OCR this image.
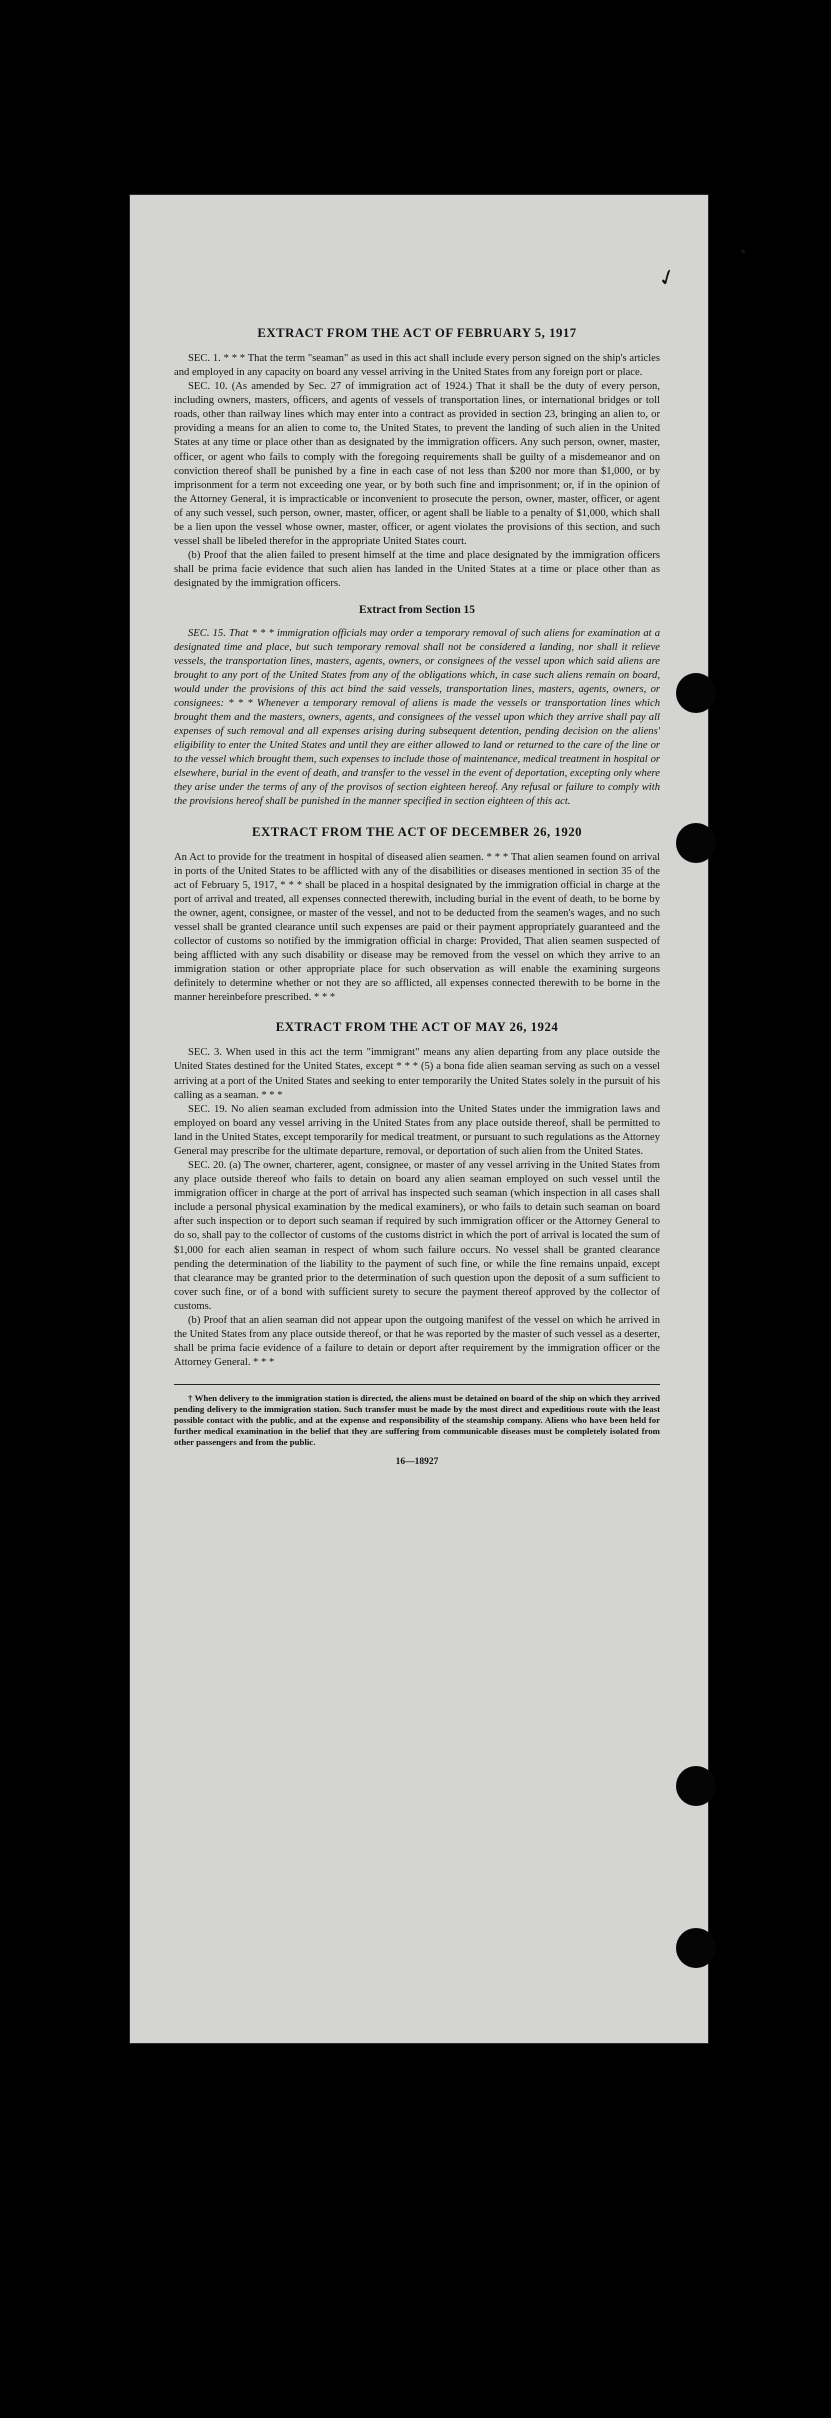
●
✓
EXTRACT FROM THE ACT OF FEBRUARY 5, 1917

SEC. 1. * * * That the term "seaman" as used in this act shall include every person signed on the ship's articles and employed in any capacity on board any vessel arriving in the United States from any foreign port or place.

SEC. 10. (As amended by Sec. 27 of immigration act of 1924.) That it shall be the duty of every person, including owners, masters, officers, and agents of vessels of transportation lines, or international bridges or toll roads, other than railway lines which may enter into a contract as provided in section 23, bringing an alien to, or providing a means for an alien to come to, the United States, to prevent the landing of such alien in the United States at any time or place other than as designated by the immigration officers. Any such person, owner, master, officer, or agent who fails to comply with the foregoing requirements shall be guilty of a misdemeanor and on conviction thereof shall be punished by a fine in each case of not less than $200 nor more than $1,000, or by imprisonment for a term not exceeding one year, or by both such fine and imprisonment; or, if in the opinion of the Attorney General, it is impracticable or inconvenient to prosecute the person, owner, master, officer, or agent of any such vessel, such person, owner, master, officer, or agent shall be liable to a penalty of $1,000, which shall be a lien upon the vessel whose owner, master, officer, or agent violates the provisions of this section, and such vessel shall be libeled therefor in the appropriate United States court.

(b) Proof that the alien failed to present himself at the time and place designated by the immigration officers shall be prima facie evidence that such alien has landed in the United States at a time or place other than as designated by the immigration officers.

Extract from Section 15

SEC. 15. That * * * immigration officials may order a temporary removal of such aliens for examination at a designated time and place, but such temporary removal shall not be considered a landing, nor shall it relieve vessels, the transportation lines, masters, agents, owners, or consignees of the vessel upon which said aliens are brought to any port of the United States from any of the obligations which, in case such aliens remain on board, would under the provisions of this act bind the said vessels, transportation lines, masters, agents, owners, or consignees: * * * Whenever a temporary removal of aliens is made the vessels or transportation lines which brought them and the masters, owners, agents, and consignees of the vessel upon which they arrive shall pay all expenses of such removal and all expenses arising during subsequent detention, pending decision on the aliens' eligibility to enter the United States and until they are either allowed to land or returned to the care of the line or to the vessel which brought them, such expenses to include those of maintenance, medical treatment in hospital or elsewhere, burial in the event of death, and transfer to the vessel in the event of deportation, excepting only where they arise under the terms of any of the provisos of section eighteen hereof. Any refusal or failure to comply with the provisions hereof shall be punished in the manner specified in section eighteen of this act.

EXTRACT FROM THE ACT OF DECEMBER 26, 1920

An Act to provide for the treatment in hospital of diseased alien seamen. * * * That alien seamen found on arrival in ports of the United States to be afflicted with any of the disabilities or diseases mentioned in section 35 of the act of February 5, 1917, * * * shall be placed in a hospital designated by the immigration official in charge at the port of arrival and treated, all expenses connected therewith, including burial in the event of death, to be borne by the owner, agent, consignee, or master of the vessel, and not to be deducted from the seamen's wages, and no such vessel shall be granted clearance until such expenses are paid or their payment appropriately guaranteed and the collector of customs so notified by the immigration official in charge: Provided, That alien seamen suspected of being afflicted with any such disability or disease may be removed from the vessel on which they arrive to an immigration station or other appropriate place for such observation as will enable the examining surgeons definitely to determine whether or not they are so afflicted, all expenses connected therewith to be borne in the manner hereinbefore prescribed. * * *

EXTRACT FROM THE ACT OF MAY 26, 1924

SEC. 3. When used in this act the term "immigrant" means any alien departing from any place outside the United States destined for the United States, except * * * (5) a bona fide alien seaman serving as such on a vessel arriving at a port of the United States and seeking to enter temporarily the United States solely in the pursuit of his calling as a seaman. * * *

SEC. 19. No alien seaman excluded from admission into the United States under the immigration laws and employed on board any vessel arriving in the United States from any place outside thereof, shall be permitted to land in the United States, except temporarily for medical treatment, or pursuant to such regulations as the Attorney General may prescribe for the ultimate departure, removal, or deportation of such alien from the United States.

SEC. 20. (a) The owner, charterer, agent, consignee, or master of any vessel arriving in the United States from any place outside thereof who fails to detain on board any alien seaman employed on such vessel until the immigration officer in charge at the port of arrival has inspected such seaman (which inspection in all cases shall include a personal physical examination by the medical examiners), or who fails to detain such seaman on board after such inspection or to deport such seaman if required by such immigration officer or the Attorney General to do so, shall pay to the collector of customs of the customs district in which the port of arrival is located the sum of $1,000 for each alien seaman in respect of whom such failure occurs. No vessel shall be granted clearance pending the determination of the liability to the payment of such fine, or while the fine remains unpaid, except that clearance may be granted prior to the determination of such question upon the deposit of a sum sufficient to cover such fine, or of a bond with sufficient surety to secure the payment thereof approved by the collector of customs.

(b) Proof that an alien seaman did not appear upon the outgoing manifest of the vessel on which he arrived in the United States from any place outside thereof, or that he was reported by the master of such vessel as a deserter, shall be prima facie evidence of a failure to detain or deport after requirement by the immigration officer or the Attorney General. * * *

† When delivery to the immigration station is directed, the aliens must be detained on board of the ship on which they arrived pending delivery to the immigration station. Such transfer must be made by the most direct and expeditious route with the least possible contact with the public, and at the expense and responsibility of the steamship company. Aliens who have been held for further medical examination in the belief that they are suffering from communicable diseases must be completely isolated from other passengers and from the public.

16—18927
